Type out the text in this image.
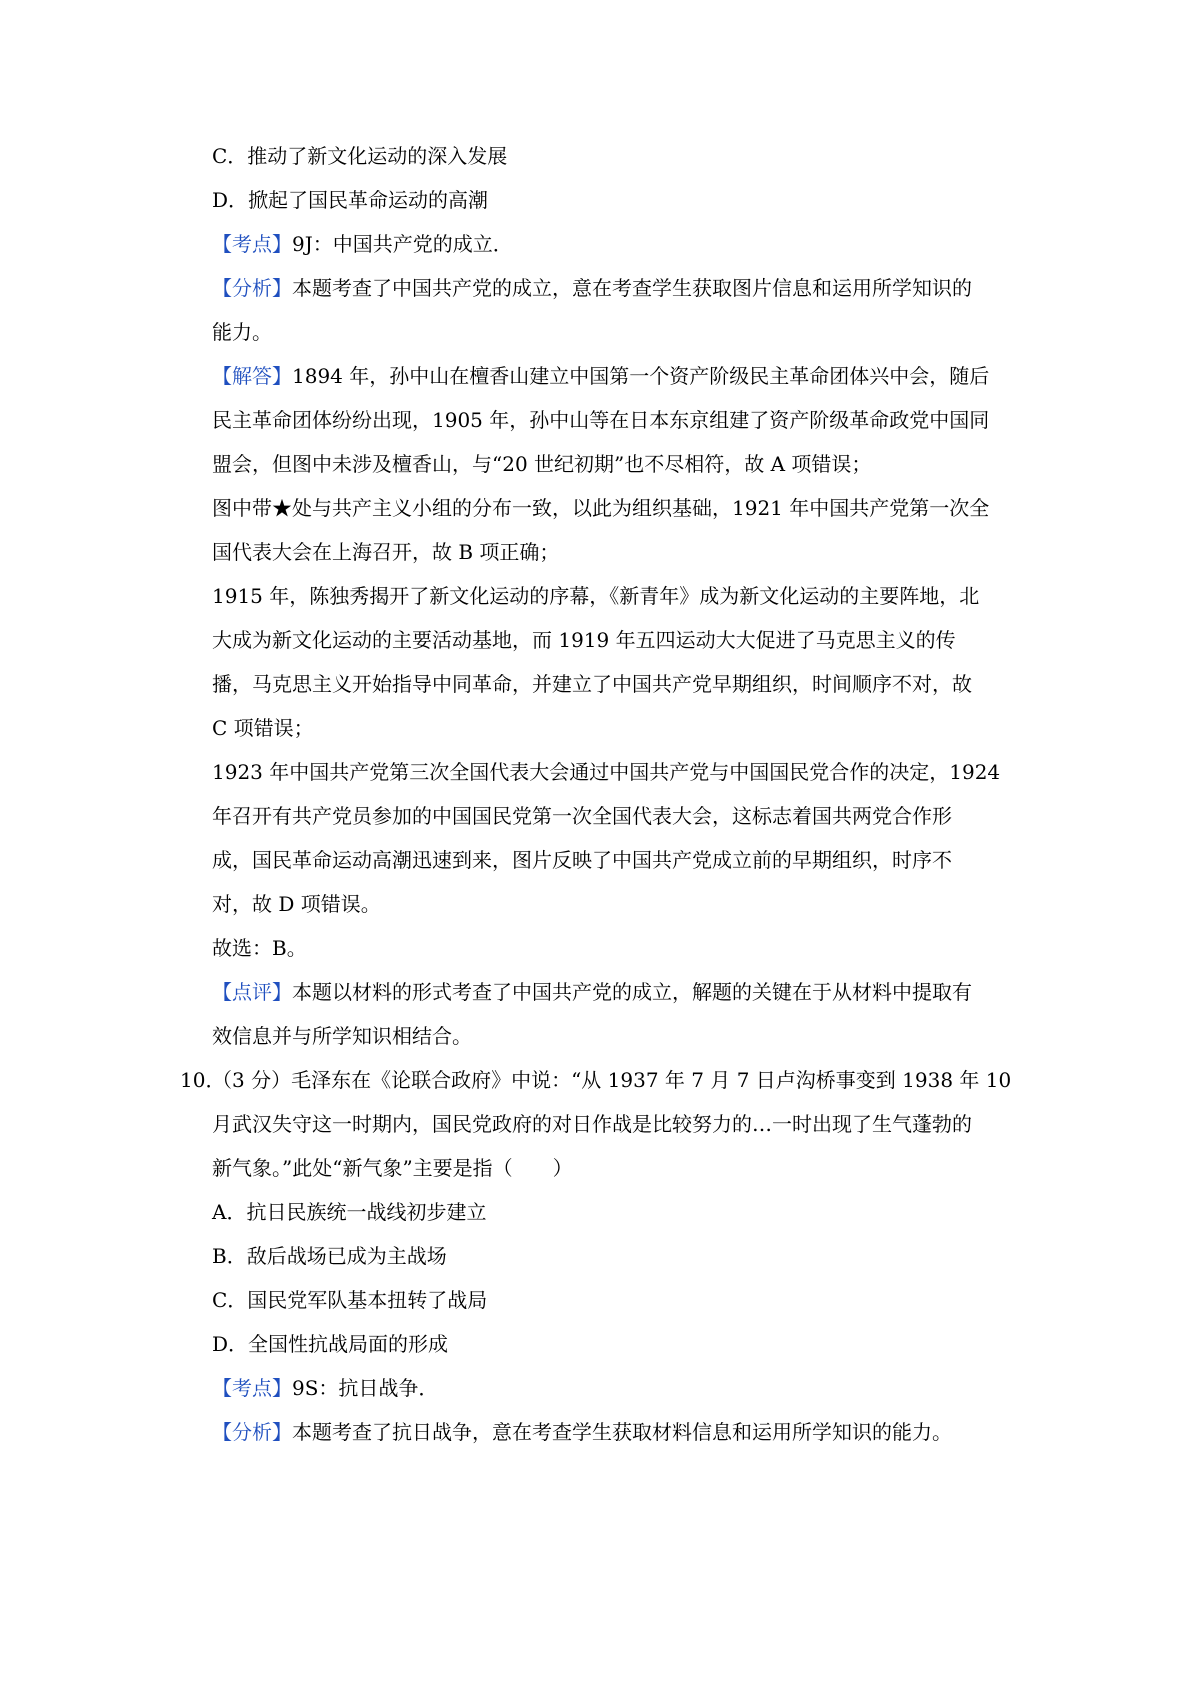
C．推动了新文化运动的深入发展
D．掀起了国民革命运动的高潮
【考点】9J：中国共产党的成立．
【分析】本题考查了中国共产党的成立，意在考查学生获取图片信息和运用所学知识的
能力。
【解答】1894 年，孙中山在檀香山建立中国第一个资产阶级民主革命团体兴中会，随后
民主革命团体纷纷出现，1905 年，孙中山等在日本东京组建了资产阶级革命政党中国同
盟会，但图中未涉及檀香山，与“20 世纪初期”也不尽相符，故 A 项错误；
图中带★处与共产主义小组的分布一致，以此为组织基础，1921 年中国共产党第一次全
国代表大会在上海召开，故 B 项正确；
1915 年，陈独秀揭开了新文化运动的序幕，《新青年》成为新文化运动的主要阵地，北
大成为新文化运动的主要活动基地，而 1919 年五四运动大大促进了马克思主义的传
播，马克思主义开始指导中同革命，并建立了中国共产党早期组织，时间顺序不对，故
C 项错误；
1923 年中国共产党第三次全国代表大会通过中国共产党与中国国民党合作的决定，1924
年召开有共产党员参加的中国国民党第一次全国代表大会，这标志着国共两党合作形
成，国民革命运动高潮迅速到来，图片反映了中国共产党成立前的早期组织，时序不
对，故 D 项错误。
故选：B。
【点评】本题以材料的形式考查了中国共产党的成立，解题的关键在于从材料中提取有
效信息并与所学知识相结合。
10．
（3 分）毛泽东在《论联合政府》中说：“从 1937 年 7 月 7 日卢沟桥事变到 1938 年 10
月武汉失守这一时期内，国民党政府的对日作战是比较努力的…一时出现了生气蓬勃的
新气象。”此处“新气象”主要是指（　　）
A．抗日民族统一战线初步建立
B．敌后战场已成为主战场
C．国民党军队基本扭转了战局
D．全国性抗战局面的形成
【考点】9S：抗日战争．
【分析】本题考查了抗日战争，意在考查学生获取材料信息和运用所学知识的能力。
